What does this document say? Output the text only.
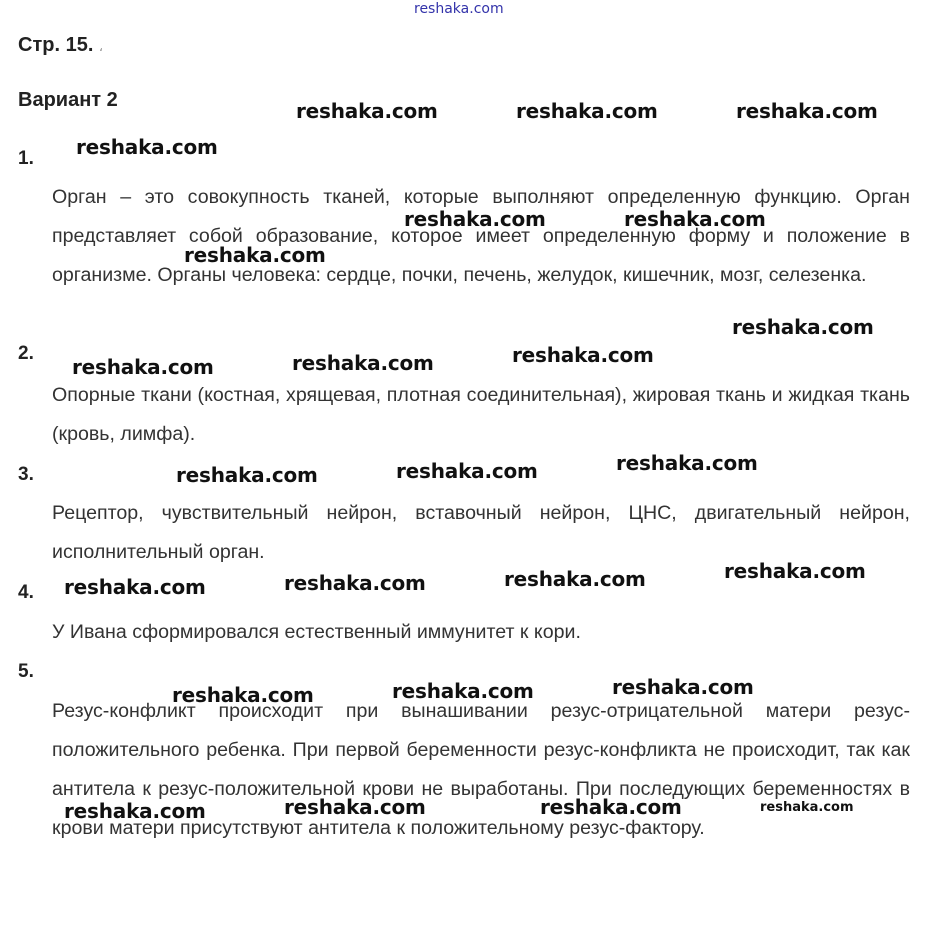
reshaka.com
Стр. 15. ،
Вариант 2
1.
2.
3.
4.
5.
Орган – это совокупность тканей, которые выполняют определенную функцию. Орган представляет собой образование, которое имеет определенную форму и положение в организме. Органы человека: сердце, почки, печень, желудок, кишечник, мозг, селезенка.
Опорные ткани (костная, хрящевая, плотная соединительная), жировая ткань и жидкая ткань (кровь, лимфа).
Рецептор, чувствительный нейрон, вставочный нейрон, ЦНС, двигательный нейрон, исполнительный орган.
У Ивана сформировался естественный иммунитет к кори.
Резус-конфликт происходит при вынашивании резус-отрицательной матери резус-положительного ребенка. При первой беременности резус-конфликта не происходит, так как антитела к резус-положительной крови не выработаны. При последующих беременностях в крови матери присутствуют антитела к положительному резус-фактору.
reshaka.com	reshaka.com	reshaka.com
reshaka.com
reshaka.com	reshaka.com
reshaka.com
reshaka.com
reshaka.com
reshaka.com	reshaka.com
reshaka.com
reshaka.com
reshaka.com
reshaka.com
reshaka.com
reshaka.com
reshaka.com
reshaka.com
reshaka.com
reshaka.com
reshaka.com	reshaka.com	reshaka.com	reshaka.com
